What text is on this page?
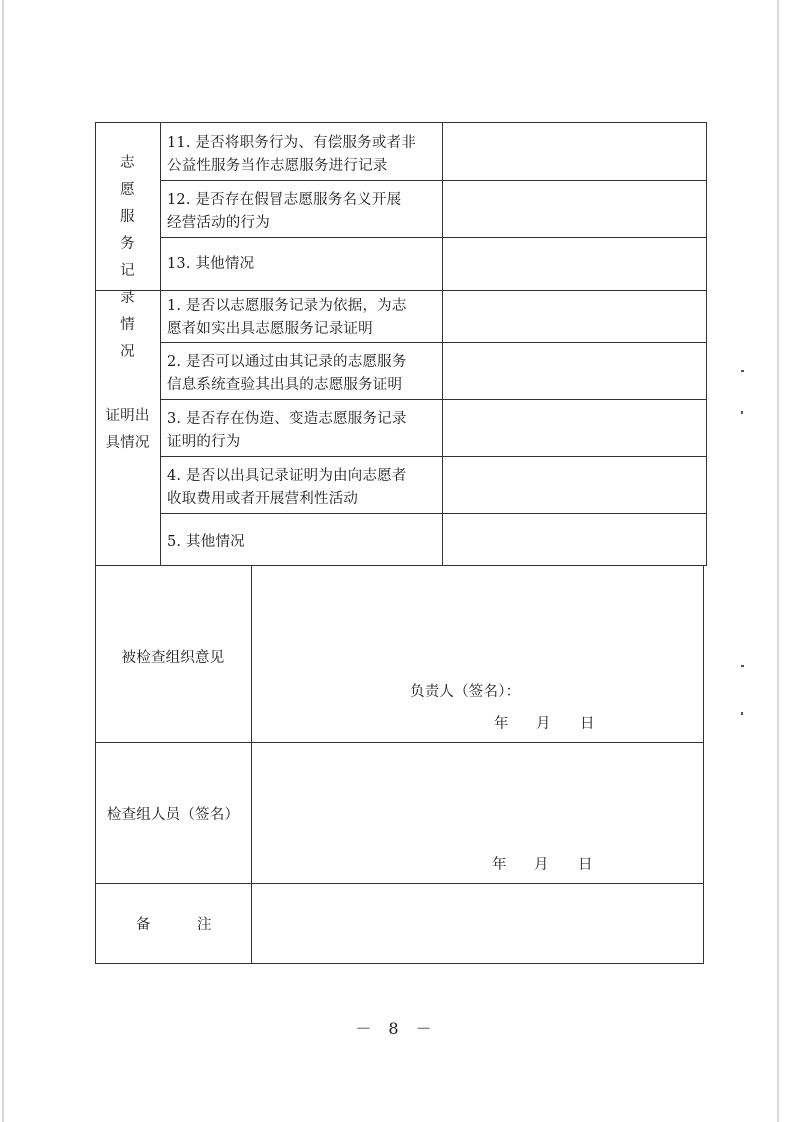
志愿服务记录情况
11. 是否将职务行为、有偿服务或者非
公益性服务当作志愿服务进行记录
12. 是否存在假冒志愿服务名义开展
经营活动的行为
13. 其他情况
证明出具情况
1. 是否以志愿服务记录为依据，为志
愿者如实出具志愿服务记录证明
2. 是否可以通过由其记录的志愿服务
信息系统查验其出具的志愿服务证明
3. 是否存在伪造、变造志愿服务记录
证明的行为
4. 是否以出具记录证明为由向志愿者
收取费用或者开展营利性活动
5. 其他情况
被检查组织意见
负责人（签名）：
年 月 日
检查组人员（签名）
年 月 日
备	注
－ 8 －
